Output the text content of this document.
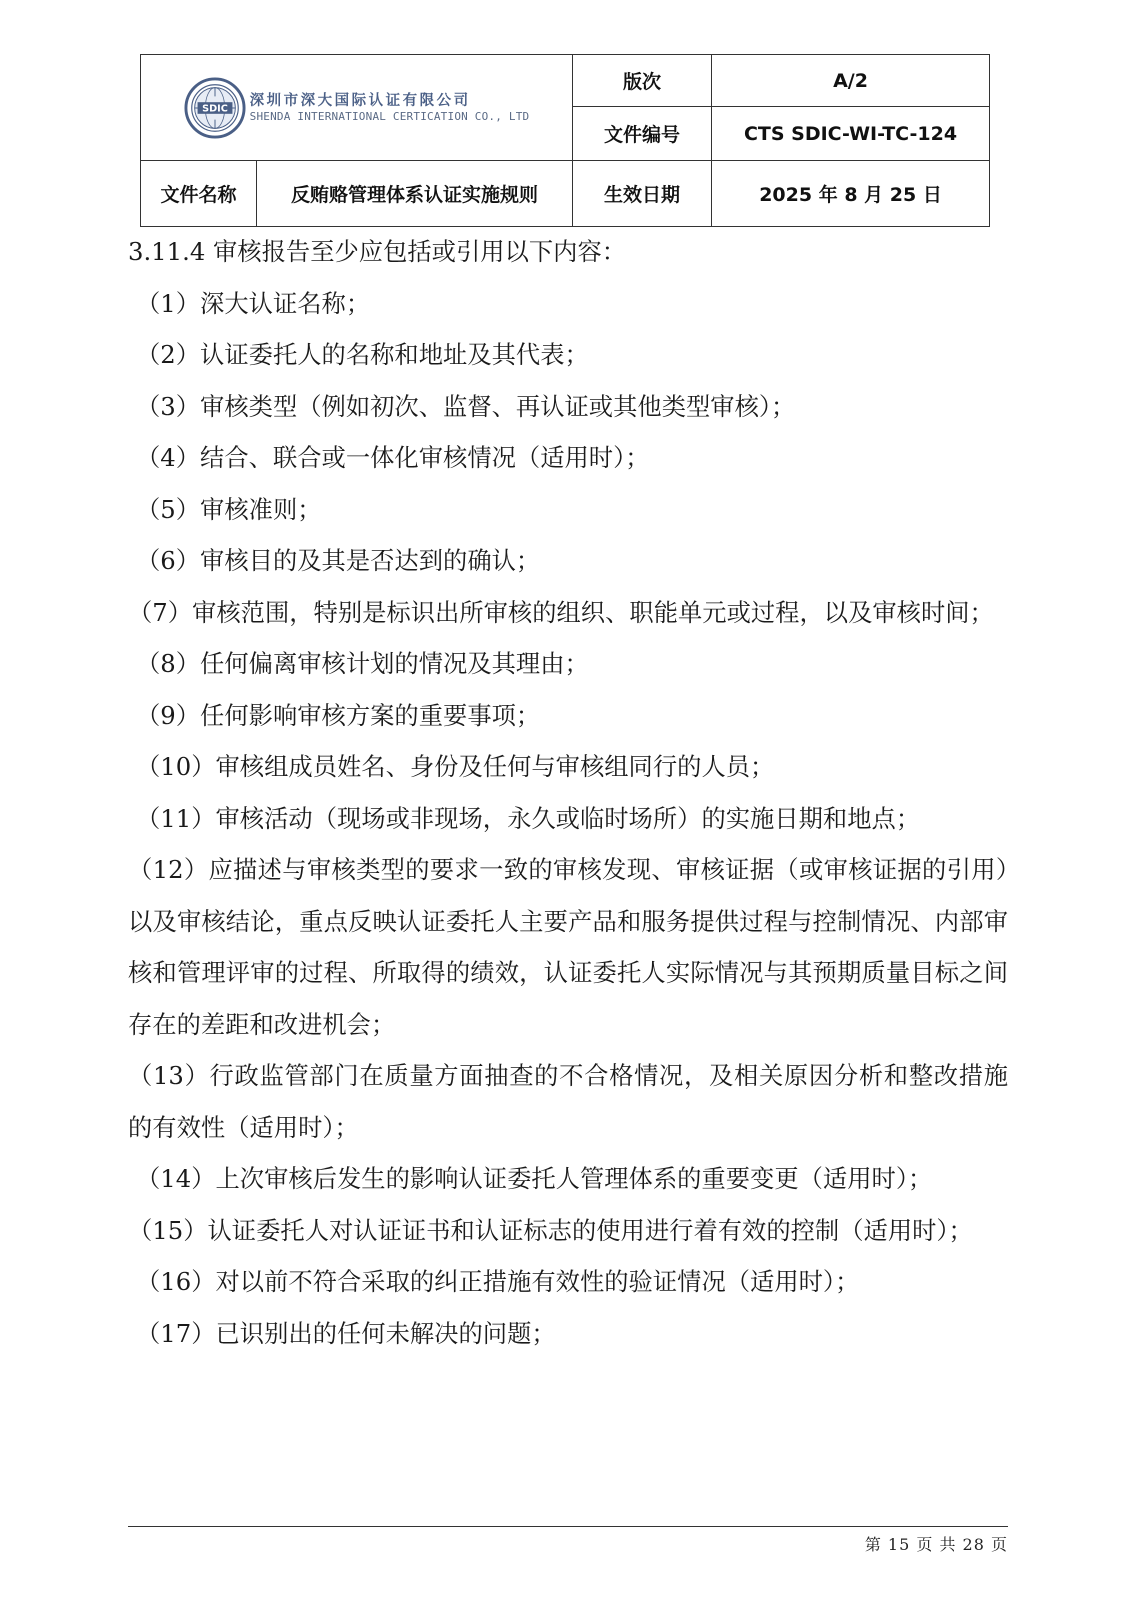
SDIC 深圳市深大国际认证有限公司
SHENDA INTERNATIONAL CERTICATION CO., LTD		版次	A/2
		文件编号	CTS SDIC-WI-TC-124
文件名称	反贿赂管理体系认证实施规则	生效日期	2025 年 8 月 25 日

3.11.4 审核报告至少应包括或引用以下内容：

（1）深大认证名称；

（2）认证委托人的名称和地址及其代表；

（3）审核类型（例如初次、监督、再认证或其他类型审核）；

（4）结合、联合或一体化审核情况（适用时）；

（5）审核准则；

（6）审核目的及其是否达到的确认；

（7）审核范围，特别是标识出所审核的组织、职能单元或过程，以及审核时间；

（8）任何偏离审核计划的情况及其理由；

（9）任何影响审核方案的重要事项；

（10）审核组成员姓名、身份及任何与审核组同行的人员；

（11）审核活动（现场或非现场，永久或临时场所）的实施日期和地点；

（12）应描述与审核类型的要求一致的审核发现、审核证据（或审核证据的引用）以及审核结论，重点反映认证委托人主要产品和服务提供过程与控制情况、内部审核和管理评审的过程、所取得的绩效，认证委托人实际情况与其预期质量目标之间存在的差距和改进机会；

（13）行政监管部门在质量方面抽查的不合格情况，及相关原因分析和整改措施的有效性（适用时）；

（14）上次审核后发生的影响认证委托人管理体系的重要变更（适用时）；

（15）认证委托人对认证证书和认证标志的使用进行着有效的控制（适用时）；

（16）对以前不符合采取的纠正措施有效性的验证情况（适用时）；

（17）已识别出的任何未解决的问题；

第 15 页 共 28 页
